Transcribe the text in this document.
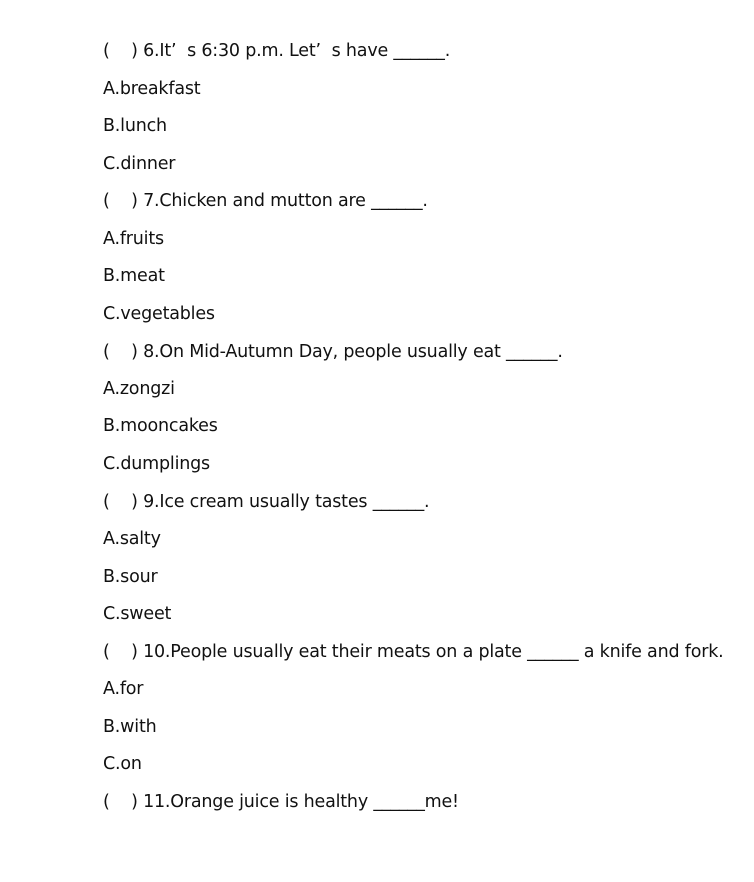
(    ) 6.It’  s 6:30 p.m. Let’  s have ______.
A.breakfast
B.lunch
C.dinner
(    ) 7.Chicken and mutton are ______.
A.fruits
B.meat
C.vegetables
(    ) 8.On Mid-Autumn Day, people usually eat ______.
A.zongzi
B.mooncakes
C.dumplings
(    ) 9.Ice cream usually tastes ______.
A.salty
B.sour
C.sweet
(    ) 10.People usually eat their meats on a plate ______ a knife and fork.
A.for
B.with
C.on
(    ) 11.Orange juice is healthy ______me!
